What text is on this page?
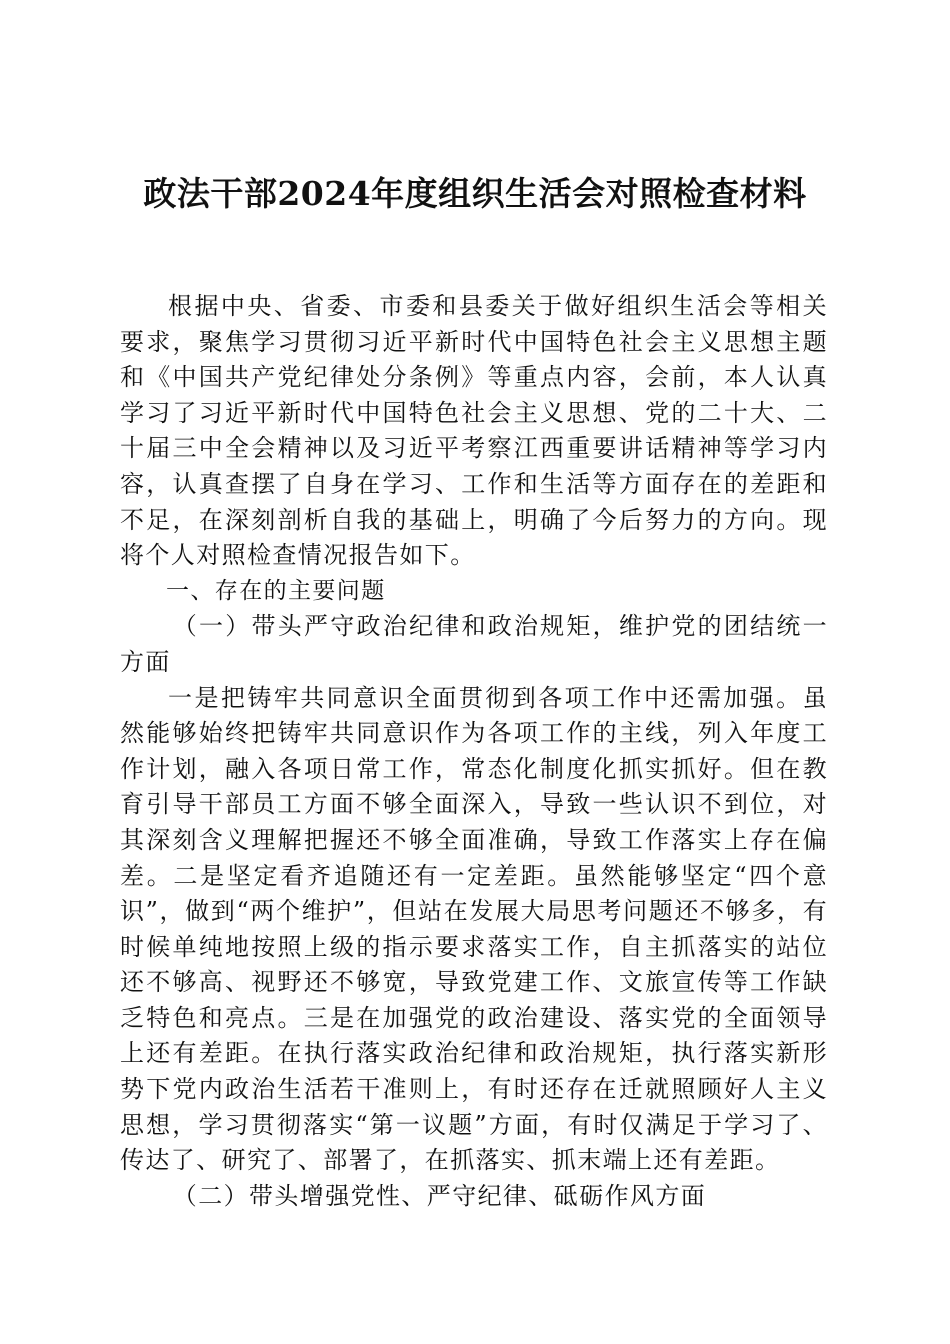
政法干部2024年度组织生活会对照检查材料

根据中央、省委、市委和县委关于做好组织生活会等相关要求，聚焦学习贯彻习近平新时代中国特色社会主义思想主题和《中国共产党纪律处分条例》等重点内容，会前，本人认真学习了习近平新时代中国特色社会主义思想、党的二十大、二十届三中全会精神以及习近平考察江西重要讲话精神等学习内容，认真查摆了自身在学习、工作和生活等方面存在的差距和不足，在深刻剖析自我的基础上，明确了今后努力的方向。现将个人对照检查情况报告如下。

一、存在的主要问题

（一）带头严守政治纪律和政治规矩，维护党的团结统一方面

一是把铸牢共同意识全面贯彻到各项工作中还需加强。虽然能够始终把铸牢共同意识作为各项工作的主线，列入年度工作计划，融入各项日常工作，常态化制度化抓实抓好。但在教育引导干部员工方面不够全面深入，导致一些认识不到位，对其深刻含义理解把握还不够全面准确，导致工作落实上存在偏差。二是坚定看齐追随还有一定差距。虽然能够坚定“四个意识”，做到“两个维护”，但站在发展大局思考问题还不够多，有时候单纯地按照上级的指示要求落实工作，自主抓落实的站位还不够高、视野还不够宽，导致党建工作、文旅宣传等工作缺乏特色和亮点。三是在加强党的政治建设、落实党的全面领导上还有差距。在执行落实政治纪律和政治规矩，执行落实新形势下党内政治生活若干准则上，有时还存在迁就照顾好人主义思想，学习贯彻落实“第一议题”方面，有时仅满足于学习了、传达了、研究了、部署了，在抓落实、抓末端上还有差距。

（二）带头增强党性、严守纪律、砥砺作风方面
